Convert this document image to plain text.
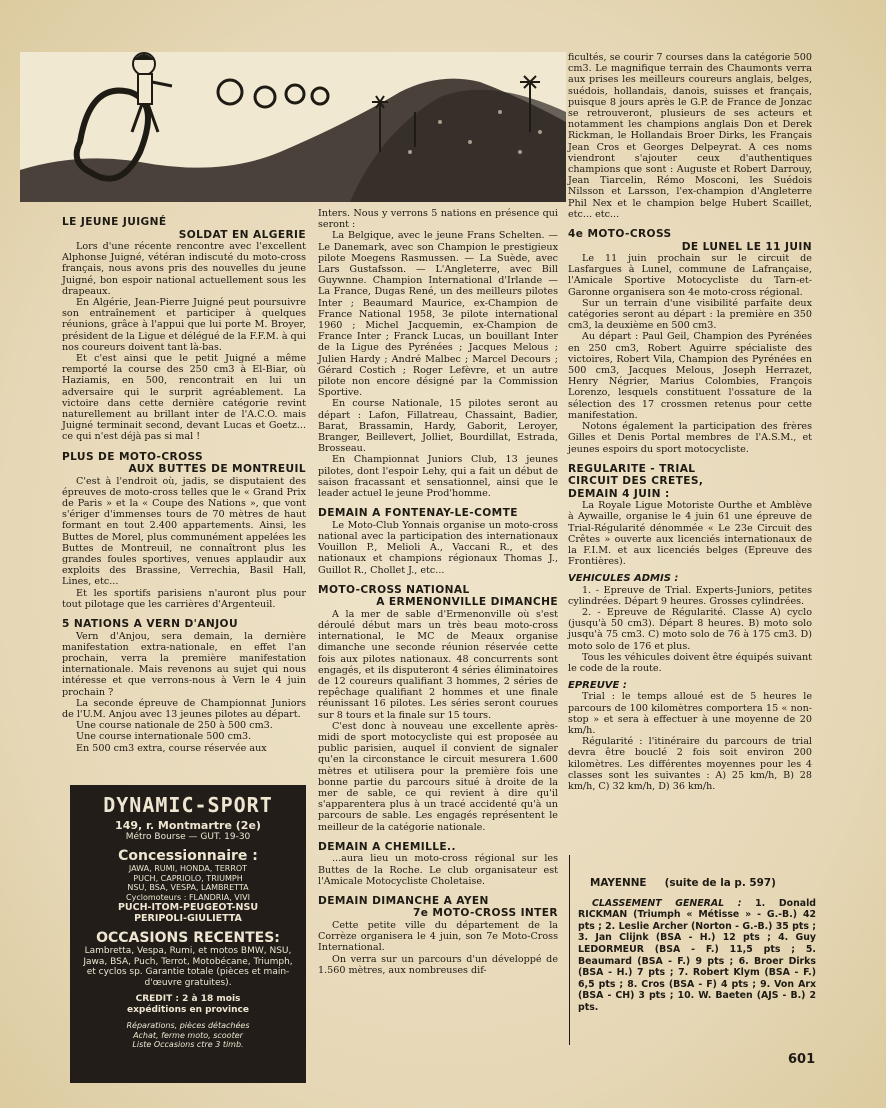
LE JEUNE JUIGNÉ
SOLDAT EN ALGERIE

Lors d'une récente rencontre avec l'excellent Alphonse Juigné, vétéran indiscuté du moto-cross français, nous avons pris des nouvelles du jeune Juigné, bon espoir national actuellement sous les drapeaux.

En Algérie, Jean-Pierre Juigné peut poursuivre son entraînement et participer à quelques réunions, grâce à l'appui que lui porte M. Broyer, président de la Ligue et délégué de la F.F.M. à qui nos coureurs doivent tant là-bas.

Et c'est ainsi que le petit Juigné a même remporté la course des 250 cm3 à El-Biar, où Haziamis, en 500, rencontrait en lui un adversaire qui le surprit agréablement. La victoire dans cette dernière catégorie revint naturellement au brillant inter de l'A.C.O. mais Juigné terminait second, devant Lucas et Goetz... ce qui n'est déjà pas si mal !

PLUS DE MOTO-CROSS
AUX BUTTES DE MONTREUIL

C'est à l'endroit où, jadis, se disputaient des épreuves de moto-cross telles que le « Grand Prix de Paris » et la « Coupe des Nations », que vont s'ériger d'immenses tours de 70 mètres de haut formant en tout 2.400 appartements. Ainsi, les Buttes de Morel, plus communément appelées les Buttes de Montreuil, ne connaîtront plus les grandes foules sportives, venues applaudir aux exploits des Brassine, Verrechia, Basil Hall, Lines, etc...

Et les sportifs parisiens n'auront plus pour tout pilotage que les carrières d'Argenteuil.

5 NATIONS A VERN D'ANJOU

Vern d'Anjou, sera demain, la dernière manifestation extra-nationale, en effet l'an prochain, verra la première manifestation internationale. Mais revenons au sujet qui nous intéresse et que verrons-nous à Vern le 4 juin prochain ?

La seconde épreuve de Championnat Juniors de l'U.M. Anjou avec 13 jeunes pilotes au départ.

Une course nationale de 250 à 500 cm3.

Une course internationale 500 cm3.

En 500 cm3 extra, course réservée aux

DYNAMIC-SPORT
149, r. Montmartre (2e)
Métro Bourse — GUT. 19-30
Concessionnaire :
JAWA, RUMI, HONDA, TERROT
PUCH, CAPRIOLO, TRIUMPH
NSU, BSA, VESPA, LAMBRETTA
Cyclomoteurs : FLANDRIA, VIVI
PUCH-ITOM-PEUGEOT-NSU
PERIPOLI-GIULIETTA
OCCASIONS RECENTES:
Lambretta, Vespa, Rumi, et motos BMW, NSU, Jawa, BSA, Puch, Terrot, Motobécane, Triumph, et cyclos sp. Garantie totale (pièces et main-d'œuvre gratuites).
CREDIT : 2 à 18 mois
expéditions en province
Réparations, pièces détachées
Achat, ferme moto, scooter
Liste Occasions ctre 3 timb.

Inters. Nous y verrons 5 nations en présence qui seront :

La Belgique, avec le jeune Frans Schelten. — Le Danemark, avec son Champion le prestigieux pilote Moegens Rasmussen. — La Suède, avec Lars Gustafsson. — L'Angleterre, avec Bill Guywnne. Champion International d'Irlande — La France, Dugas René, un des meilleurs pilotes Inter ; Beaumard Maurice, ex-Champion de France National 1958, 3e pilote international 1960 ; Michel Jacquemin, ex-Champion de France Inter ; Franck Lucas, un bouillant Inter de la Ligue des Pyrénées ; Jacques Melous ; Julien Hardy ; André Malbec ; Marcel Decours ; Gérard Costich ; Roger Lefèvre, et un autre pilote non encore désigné par la Commission Sportive.

En course Nationale, 15 pilotes seront au départ : Lafon, Fillatreau, Chassaint, Badier, Barat, Brassamin, Hardy, Gaborit, Leroyer, Branger, Beillevert, Jolliet, Bourdillat, Estrada, Brosseau.

En Championnat Juniors Club, 13 jeunes pilotes, dont l'espoir Lehy, qui a fait un début de saison fracassant et sensationnel, ainsi que le leader actuel le jeune Prod'homme.

DEMAIN A FONTENAY-LE-COMTE

Le Moto-Club Yonnais organise un moto-cross national avec la participation des internationaux Vouillon P., Melioli A., Vaccani R., et des nationaux et champions régionaux Thomas J., Guillot R., Chollet J., etc...

MOTO-CROSS NATIONAL
A ERMENONVILLE DIMANCHE

A la mer de sable d'Ermenonville où s'est déroulé début mars un très beau moto-cross international, le MC de Meaux organise dimanche une seconde réunion réservée cette fois aux pilotes nationaux. 48 concurrents sont engagés, et ils disputeront 4 séries éliminatoires de 12 coureurs qualifiant 3 hommes, 2 séries de repêchage qualifiant 2 hommes et une finale réunissant 16 pilotes. Les séries seront courues sur 8 tours et la finale sur 15 tours.

C'est donc à nouveau une excellente après-midi de sport motocycliste qui est proposée au public parisien, auquel il convient de signaler qu'en la circonstance le circuit mesurera 1.600 mètres et utilisera pour la première fois une bonne partie du parcours situé à droite de la mer de sable, ce qui revient à dire qu'il s'apparentera plus à un tracé accidenté qu'à un parcours de sable. Les engagés représentent le meilleur de la catégorie nationale.

DEMAIN A CHEMILLE..

...aura lieu un moto-cross régional sur les Buttes de la Roche. Le club organisateur est l'Amicale Motocycliste Choletaise.

DEMAIN DIMANCHE A AYEN
7e MOTO-CROSS INTER

Cette petite ville du département de la Corrèze organisera le 4 juin, son 7e Moto-Cross International.

On verra sur un parcours d'un développé de 1.560 mètres, aux nombreuses dif-

ficultés, se courir 7 courses dans la catégorie 500 cm3. Le magnifique terrain des Chaumonts verra aux prises les meilleurs coureurs anglais, belges, suédois, hollandais, danois, suisses et français, puisque 8 jours après le G.P. de France de Jonzac se retrouveront, plusieurs de ses acteurs et notamment les champions anglais Don et Derek Rickman, le Hollandais Broer Dirks, les Français Jean Cros et Georges Delpeyrat. A ces noms viendront s'ajouter ceux d'authentiques champions que sont : Auguste et Robert Darrouy, Jean Tiarcelin, Rémo Mosconi, les Suédois Nilsson et Larsson, l'ex-champion d'Angleterre Phil Nex et le champion belge Hubert Scaillet, etc... etc...

4e MOTO-CROSS
DE LUNEL LE 11 JUIN

Le 11 juin prochain sur le circuit de Lasfargues à Lunel, commune de Lafrançaise, l'Amicale Sportive Motocycliste du Tarn-et-Garonne organisera son 4e moto-cross régional.

Sur un terrain d'une visibilité parfaite deux catégories seront au départ : la première en 350 cm3, la deuxième en 500 cm3.

Au départ : Paul Geil, Champion des Pyrénées en 250 cm3, Robert Aguirre spécialiste des victoires, Robert Vila, Champion des Pyrénées en 500 cm3, Jacques Melous, Joseph Herrazet, Henry Négrier, Marius Colombies, François Lorenzo, lesquels constituent l'ossature de la sélection des 17 crossmen retenus pour cette manifestation.

Notons également la participation des frères Gilles et Denis Portal membres de l'A.S.M., et jeunes espoirs du sport motocycliste.

REGULARITE - TRIAL
CIRCUIT DES CRETES,
DEMAIN 4 JUIN :

La Royale Ligue Motoriste Ourthe et Amblève à Aywaille, organise le 4 juin 61 une épreuve de Trial-Régularité dénommée « Le 23e Circuit des Crêtes » ouverte aux licenciés internationaux de la F.I.M. et aux licenciés belges (Epreuve des Frontières).

VEHICULES ADMIS :

1. - Epreuve de Trial. Experts-Juniors, petites cylindrées. Départ 9 heures. Grosses cylindrées.

2. - Epreuve de Régularité. Classe A) cyclo (jusqu'à 50 cm3). Départ 8 heures. B) moto solo jusqu'à 75 cm3. C) moto solo de 76 à 175 cm3. D) moto solo de 176 et plus.

Tous les véhicules doivent être équipés suivant le code de la route.

EPREUVE :

Trial : le temps alloué est de 5 heures le parcours de 100 kilomètres comportera 15 « non-stop » et sera à effectuer à une moyenne de 20 km/h.

Régularité : l'itinéraire du parcours de trial devra être bouclé 2 fois soit environ 200 kilomètres. Les différentes moyennes pour les 4 classes sont les suivantes : A) 25 km/h, B) 28 km/h, C) 32 km/h, D) 36 km/h.

MAYENNE (suite de la p. 597)

CLASSEMENT GENERAL : 1. Donald RICKMAN (Triumph « Métisse » - G.-B.) 42 pts ; 2. Leslie Archer (Norton - G.-B.) 35 pts ; 3. Jan Clijnk (BSA - H.) 12 pts ; 4. Guy LEDORMEUR (BSA - F.) 11,5 pts ; 5. Beaumard (BSA - F.) 9 pts ; 6. Broer Dirks (BSA - H.) 7 pts ; 7. Robert Klym (BSA - F.) 6,5 pts ; 8. Cros (BSA - F) 4 pts ; 9. Von Arx (BSA - CH) 3 pts ; 10. W. Baeten (AJS - B.) 2 pts.

601
